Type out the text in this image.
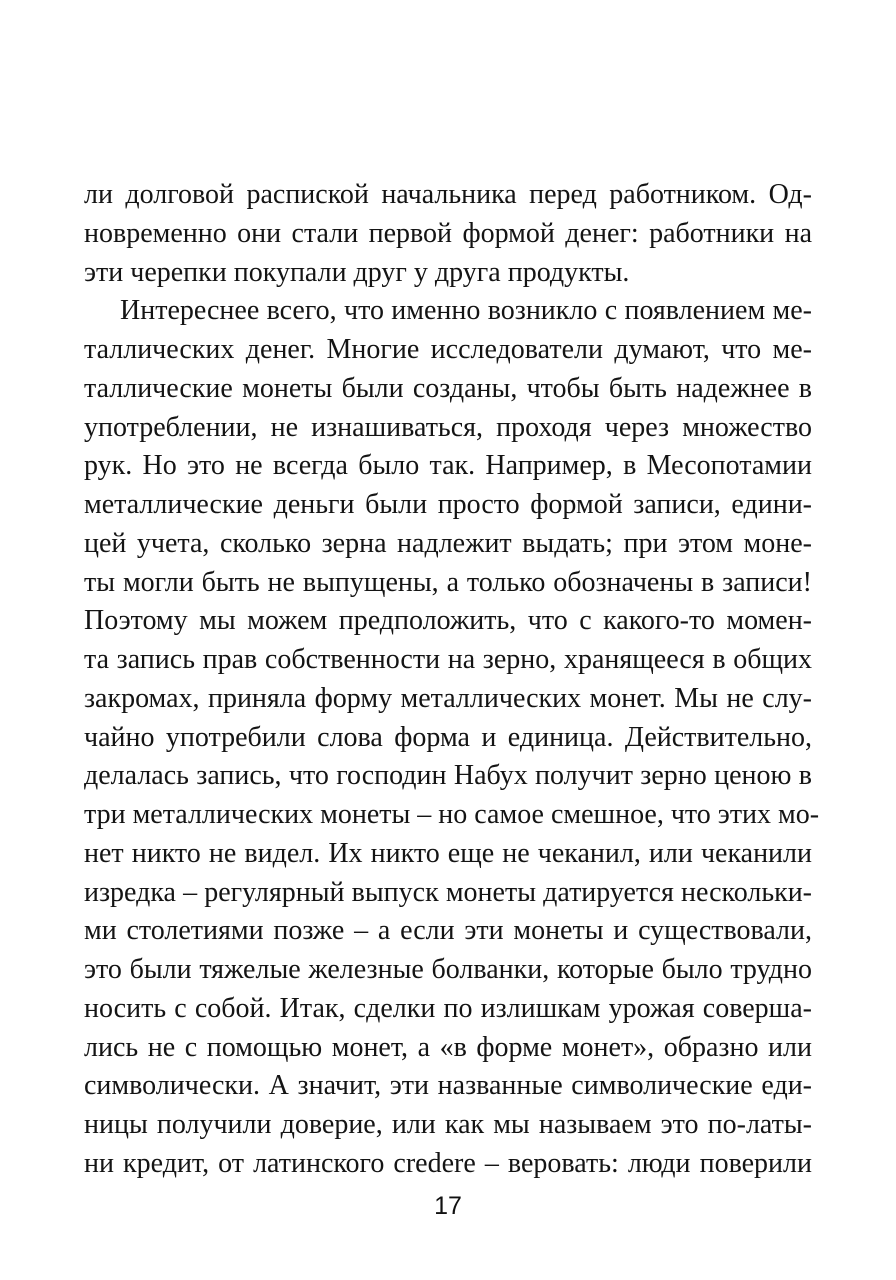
ли долговой распиской начальника перед работником. Од-
новременно они стали первой формой денег: работники на
эти черепки покупали друг у друга продукты.
Интереснее всего, что именно возникло с появлением ме-
таллических денег. Многие исследователи думают, что ме-
таллические монеты были созданы, чтобы быть надежнее в
употреблении, не изнашиваться, проходя через множество
рук. Но это не всегда было так. Например, в Месопотамии
металлические деньги были просто формой записи, едини-
цей учета, сколько зерна надлежит выдать; при этом моне-
ты могли быть не выпущены, а только обозначены в записи!
Поэтому мы можем предположить, что с какого-то момен-
та запись прав собственности на зерно, хранящееся в общих
закромах, приняла форму металлических монет. Мы не слу-
чайно употребили слова форма и единица. Действительно,
делалась запись, что господин Набух получит зерно ценою в
три металлических монеты – но самое смешное, что этих мо-
нет никто не видел. Их никто еще не чеканил, или чеканили
изредка – регулярный выпуск монеты датируется нескольки-
ми столетиями позже – а если эти монеты и существовали,
это были тяжелые железные болванки, которые было трудно
носить с собой. Итак, сделки по излишкам урожая соверша-
лись не с помощью монет, а «в форме монет», образно или
символически. А значит, эти названные символические еди-
ницы получили доверие, или как мы называем это по-латы-
ни кредит, от латинского credere – веровать: люди поверили
17
